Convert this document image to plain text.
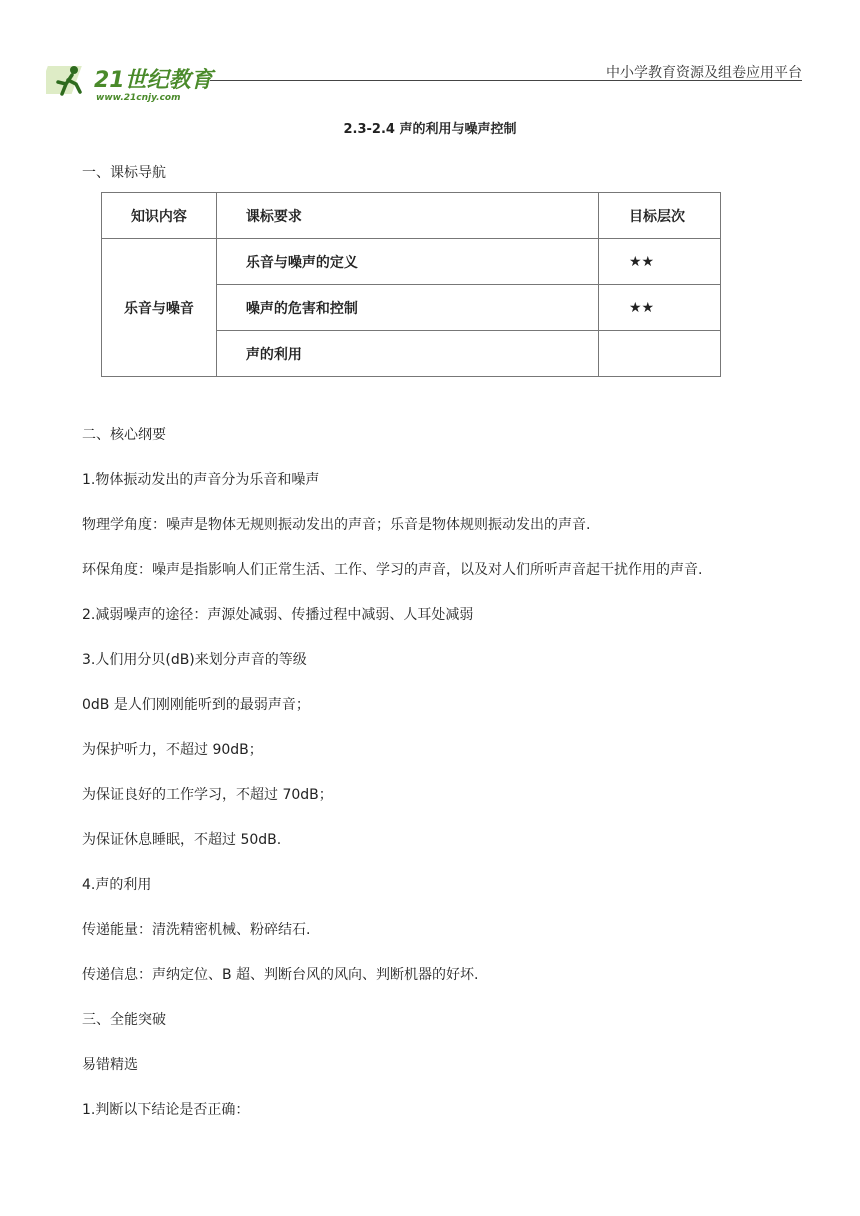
21世纪教育
www.21cnjy.com
中小学教育资源及组卷应用平台
2.3-2.4 声的利用与噪声控制
一、课标导航
知识内容	课标要求	目标层次
乐音与噪音	乐音与噪声的定义	★★
	噪声的危害和控制	★★
	声的利用	
二、核心纲要
1.物体振动发出的声音分为乐音和噪声
物理学角度：噪声是物体无规则振动发出的声音；乐音是物体规则振动发出的声音.
环保角度：噪声是指影响人们正常生活、工作、学习的声音，以及对人们所听声音起干扰作用的声音.
2.减弱噪声的途径：声源处减弱、传播过程中减弱、人耳处减弱
3.人们用分贝(dB)来划分声音的等级
0dB 是人们刚刚能听到的最弱声音；
为保护听力，不超过 90dB；
为保证良好的工作学习，不超过 70dB；
为保证休息睡眠，不超过 50dB.
4.声的利用
传递能量：清洗精密机械、粉碎结石.
传递信息：声纳定位、B 超、判断台风的风向、判断机器的好坏.
三、全能突破
易错精选
1.判断以下结论是否正确：
